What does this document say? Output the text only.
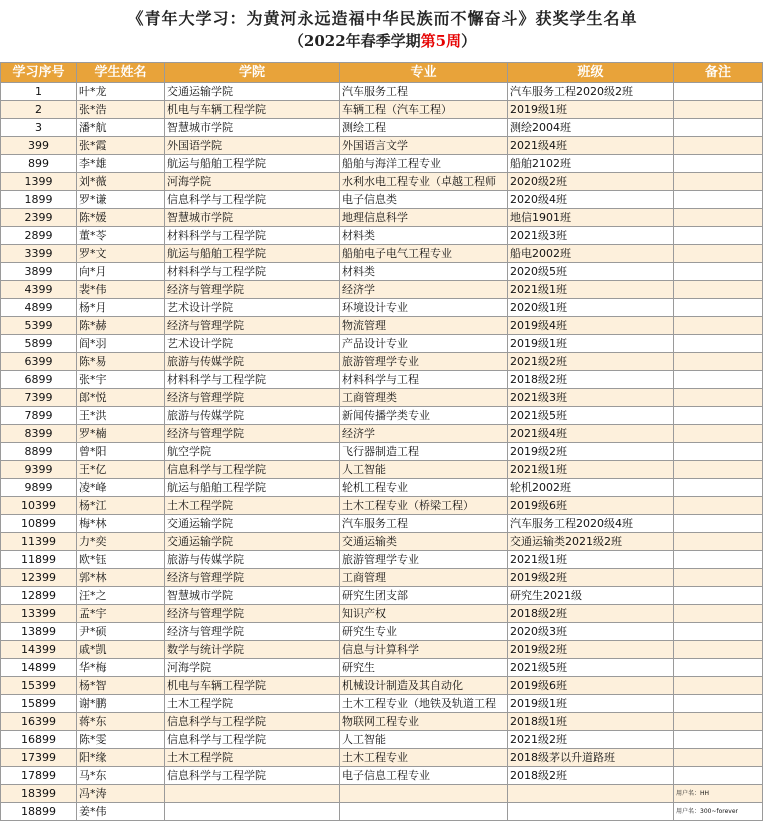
《青年大学习：为黄河永远造福中华民族而不懈奋斗》获奖学生名单
（2022年春季学期第5周）
学习序号	学生姓名	学院	专业	班级	备注
1	叶*龙	交通运输学院	汽车服务工程	汽车服务工程2020级2班	
2	张*浩	机电与车辆工程学院	车辆工程（汽车工程）	2019级1班	
3	潘*航	智慧城市学院	测绘工程	测绘2004班	
399	张*霞	外国语学院	外国语言文学	2021级4班	
899	李*雄	航运与船舶工程学院	船舶与海洋工程专业	船舶2102班	
1399	刘*薇	河海学院	水利水电工程专业（卓越工程师	2020级2班	
1899	罗*谦	信息科学与工程学院	电子信息类	2020级4班	
2399	陈*媛	智慧城市学院	地理信息科学	地信1901班	
2899	董*苓	材料科学与工程学院	材料类	2021级3班	
3399	罗*文	航运与船舶工程学院	船舶电子电气工程专业	船电2002班	
3899	向*月	材料科学与工程学院	材料类	2020级5班	
4399	裴*伟	经济与管理学院	经济学	2021级1班	
4899	杨*月	艺术设计学院	环境设计专业	2020级1班	
5399	陈*赫	经济与管理学院	物流管理	2019级4班	
5899	阎*羽	艺术设计学院	产品设计专业	2019级1班	
6399	陈*易	旅游与传媒学院	旅游管理学专业	2021级2班	
6899	张*宇	材料科学与工程学院	材料科学与工程	2018级2班	
7399	郎*悦	经济与管理学院	工商管理类	2021级3班	
7899	王*洪	旅游与传媒学院	新闻传播学类专业	2021级5班	
8399	罗*楠	经济与管理学院	经济学	2021级4班	
8899	曾*阳	航空学院	飞行器制造工程	2019级2班	
9399	王*亿	信息科学与工程学院	人工智能	2021级1班	
9899	凌*峰	航运与船舶工程学院	轮机工程专业	轮机2002班	
10399	杨*江	土木工程学院	土木工程专业（桥梁工程）	2019级6班	
10899	梅*林	交通运输学院	汽车服务工程	汽车服务工程2020级4班	
11399	力*奕	交通运输学院	交通运输类	交通运输类2021级2班	
11899	欧*钰	旅游与传媒学院	旅游管理学专业	2021级1班	
12399	郭*林	经济与管理学院	工商管理	2019级2班	
12899	汪*之	智慧城市学院	研究生团支部	研究生2021级	
13399	孟*宇	经济与管理学院	知识产权	2018级2班	
13899	尹*硕	经济与管理学院	研究生专业	2020级3班	
14399	戚*凯	数学与统计学院	信息与计算科学	2019级2班	
14899	华*梅	河海学院	研究生	2021级5班	
15399	杨*智	机电与车辆工程学院	机械设计制造及其自动化	2019级6班	
15899	谢*鹏	土木工程学院	土木工程专业（地铁及轨道工程	2019级1班	
16399	蒋*东	信息科学与工程学院	物联网工程专业	2018级1班	
16899	陈*雯	信息科学与工程学院	人工智能	2021级2班	
17399	阳*缘	土木工程学院	土木工程专业	2018级茅以升道路班	
17899	马*东	信息科学与工程学院	电子信息工程专业	2018级2班	
18399	冯*涛				用户名：HH
18899	姜*伟				用户名：300~forever
